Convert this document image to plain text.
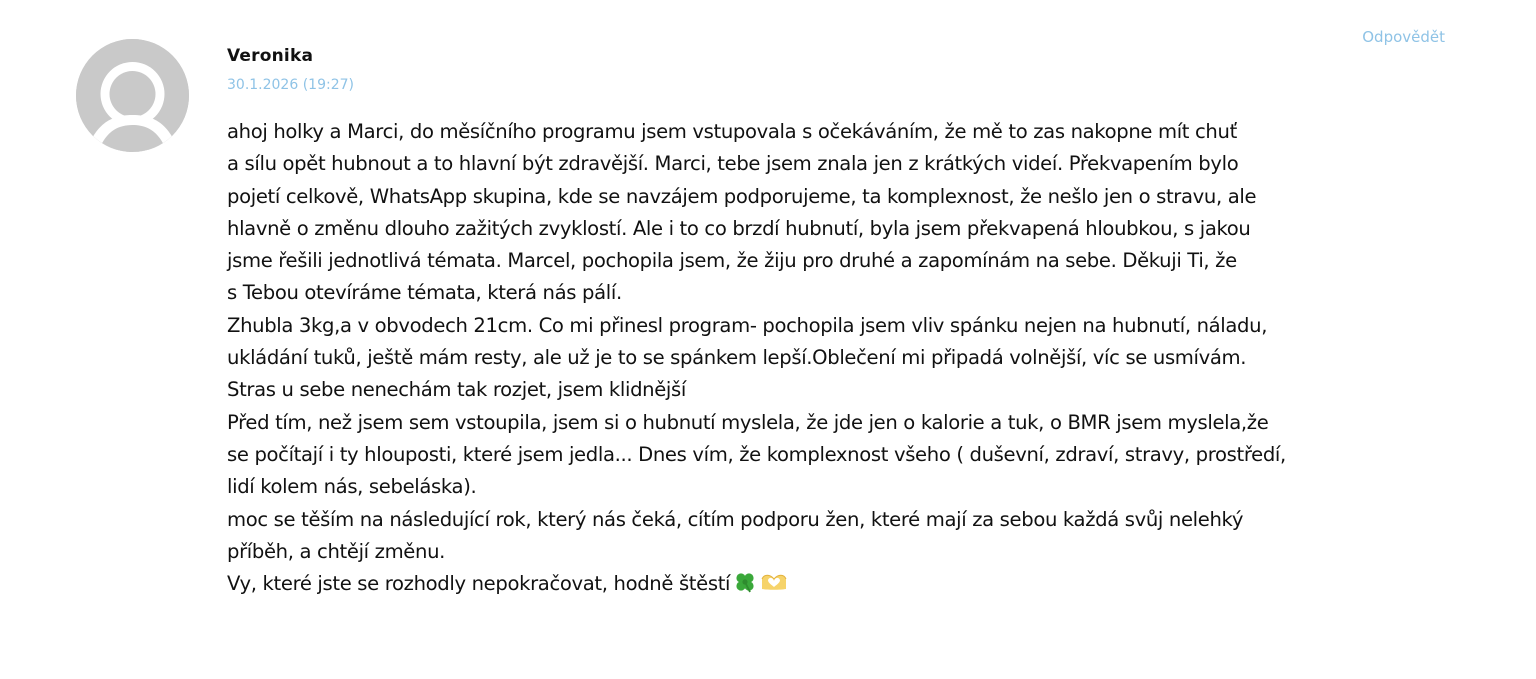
Odpovědět
Veronika
30.1.2026 (19:27)

ahoj holky a Marci, do měsíčního programu jsem vstupovala s očekáváním, že mě to zas nakopne mít chuť

a sílu opět hubnout a to hlavní být zdravější. Marci, tebe jsem znala jen z krátkých videí. Překvapením bylo

pojetí celkově, WhatsApp skupina, kde se navzájem podporujeme, ta komplexnost, že nešlo jen o stravu, ale

hlavně o změnu dlouho zažitých zvyklostí. Ale i to co brzdí hubnutí, byla jsem překvapená hloubkou, s jakou

jsme řešili jednotlivá témata. Marcel, pochopila jsem, že žiju pro druhé a zapomínám na sebe. Děkuji Ti, že

s Tebou otevíráme témata, která nás pálí.

Zhubla 3kg,a v obvodech 21cm. Co mi přinesl program- pochopila jsem vliv spánku nejen na hubnutí, náladu,

ukládání tuků, ještě mám resty, ale už je to se spánkem lepší.Oblečení mi připadá volnější, víc se usmívám.

Stras u sebe nenechám tak rozjet, jsem klidnější

Před tím, než jsem sem vstoupila, jsem si o hubnutí myslela, že jde jen o kalorie a tuk, o BMR jsem myslela,že

se počítají i ty hlouposti, které jsem jedla... Dnes vím, že komplexnost všeho ( duševní, zdraví, stravy, prostředí,

lidí kolem nás, sebeláska).

moc se těším na následující rok, který nás čeká, cítím podporu žen, které mají za sebou každá svůj nelehký

příběh, a chtějí změnu.

Vy, které jste se rozhodly nepokračovat, hodně štěstí
